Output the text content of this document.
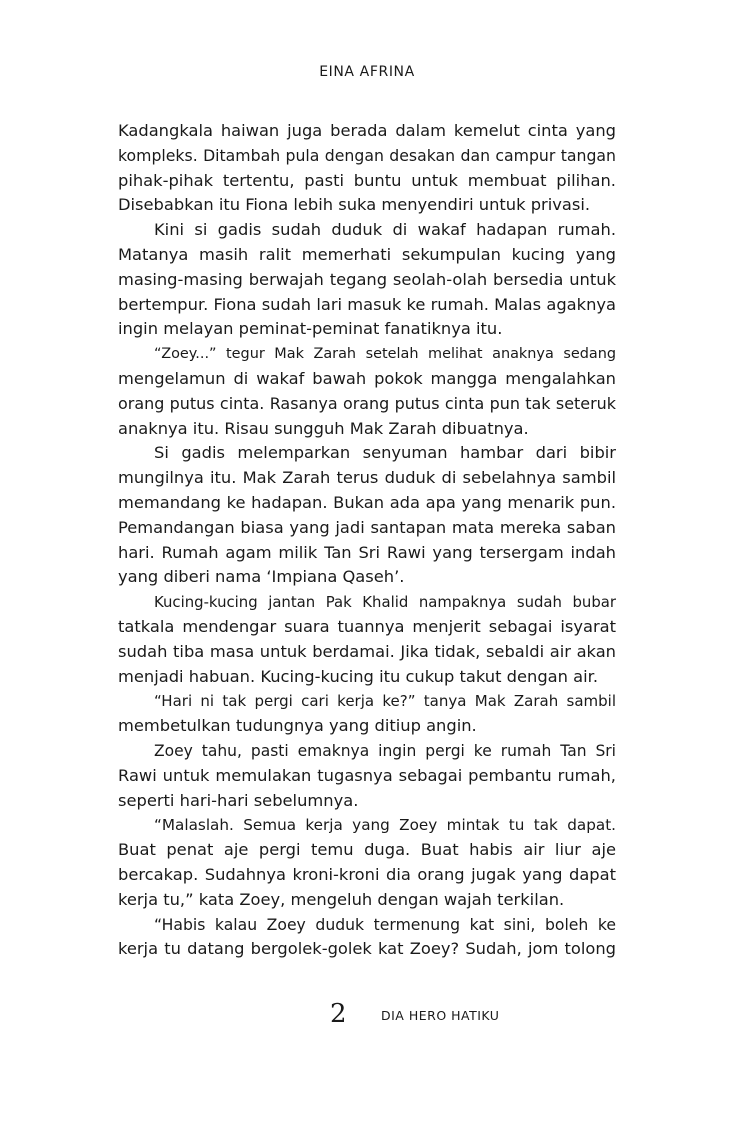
EINA AFRINA

Kadangkala haiwan juga berada dalam kemelut cinta yang
kompleks. Ditambah pula dengan desakan dan campur tangan
pihak-pihak tertentu, pasti buntu untuk membuat pilihan.
Disebabkan itu Fiona lebih suka menyendiri untuk privasi.

Kini si gadis sudah duduk di wakaf hadapan rumah.
Matanya masih ralit memerhati sekumpulan kucing yang
masing-masing berwajah tegang seolah-olah bersedia untuk
bertempur. Fiona sudah lari masuk ke rumah. Malas agaknya
ingin melayan peminat-peminat fanatiknya itu.

“Zoey...” tegur Mak Zarah setelah melihat anaknya sedang
mengelamun di wakaf bawah pokok mangga mengalahkan
orang putus cinta. Rasanya orang putus cinta pun tak seteruk
anaknya itu. Risau sungguh Mak Zarah dibuatnya.

Si gadis melemparkan senyuman hambar dari bibir
mungilnya itu. Mak Zarah terus duduk di sebelahnya sambil
memandang ke hadapan. Bukan ada apa yang menarik pun.
Pemandangan biasa yang jadi santapan mata mereka saban
hari. Rumah agam milik Tan Sri Rawi yang tersergam indah
yang diberi nama ‘Impiana Qaseh’.

Kucing-kucing jantan Pak Khalid nampaknya sudah bubar
tatkala mendengar suara tuannya menjerit sebagai isyarat
sudah tiba masa untuk berdamai. Jika tidak, sebaldi air akan
menjadi habuan. Kucing-kucing itu cukup takut dengan air.

“Hari ni tak pergi cari kerja ke?” tanya Mak Zarah sambil
membetulkan tudungnya yang ditiup angin.

Zoey tahu, pasti emaknya ingin pergi ke rumah Tan Sri
Rawi untuk memulakan tugasnya sebagai pembantu rumah,
seperti hari-hari sebelumnya.

“Malaslah. Semua kerja yang Zoey mintak tu tak dapat.
Buat penat aje pergi temu duga. Buat habis air liur aje
bercakap. Sudahnya kroni-kroni dia orang jugak yang dapat
kerja tu,” kata Zoey, mengeluh dengan wajah terkilan.

“Habis kalau Zoey duduk termenung kat sini, boleh ke
kerja tu datang bergolek-golek kat Zoey? Sudah, jom tolong

2	DIA HERO HATIKU
